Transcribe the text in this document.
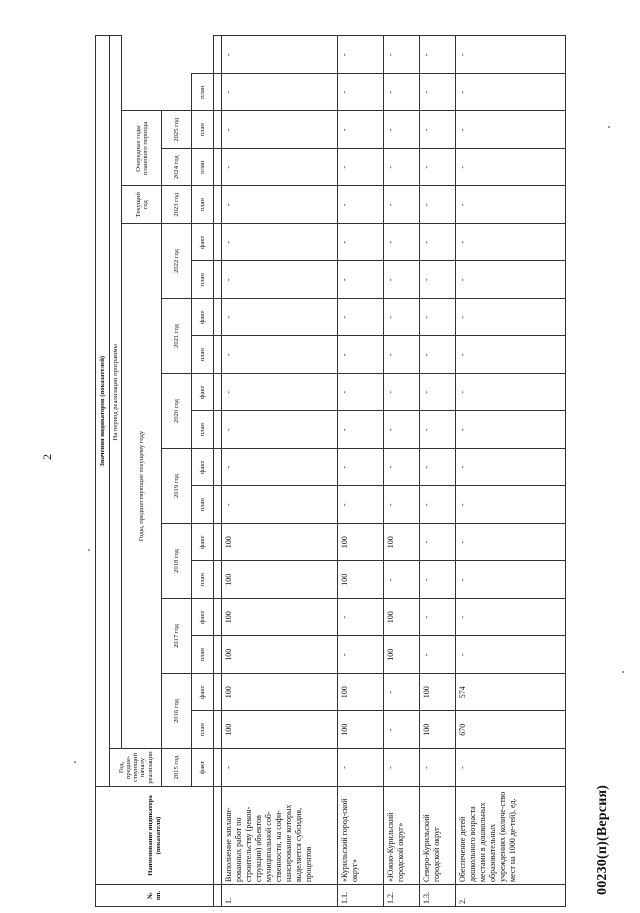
2
№ пп.	Наименование индикатора (показателя)	Значения индикаторов (показателей)																			
		Год, предше-ствующий началу реализации	На период реализации программы																		
			Годы, предшествующие текущему году														Текущий год	Очередные годы планового периода			

		2015 год	2016 год		2017 год		2018 год		2019 год		2020 год		2021 год		2022 год		2023 год	2024 год	2025 год		
		факт	план	факт	план	факт	план	факт	план	факт	план	факт	план	факт	план	факт	план	план	план	план	

1.	Выполнение заплани-рованных работ по строительству (рекон-струкции) объектов муниципальной соб-ственности, на софи-нансирование которых выделяется субсидия, процентов	-	100	100	100	100	100	100	-	-	-	-	-	-	-	-	-	-	-	-	-
1.1.	«Курильский город-ской округ»	-	100	100	-	-	100	100	-	-	-	-	-	-	-	-	-	-	-	-	-
1.2.	«Южно-Курильский городской округ»	-	-	-	100	100	-	100	-	-	-	-	-	-	-	-	-	-	-	-	-
1.3.	Северо-Курильский городской округ	-	100	100	-	-	-	-	-	-	-	-	-	-	-	-	-	-	-	-	-
2.	Обеспечение детей дошкольного возраста местами в дошкольных образовательных учреждениях (количе-ство мест на 1000 де-тей), ед.	-	670	574	-	-	-	-	-	-	-	-	-	-	-	-	-	-	-	-	-
00230(п)(Версия)
